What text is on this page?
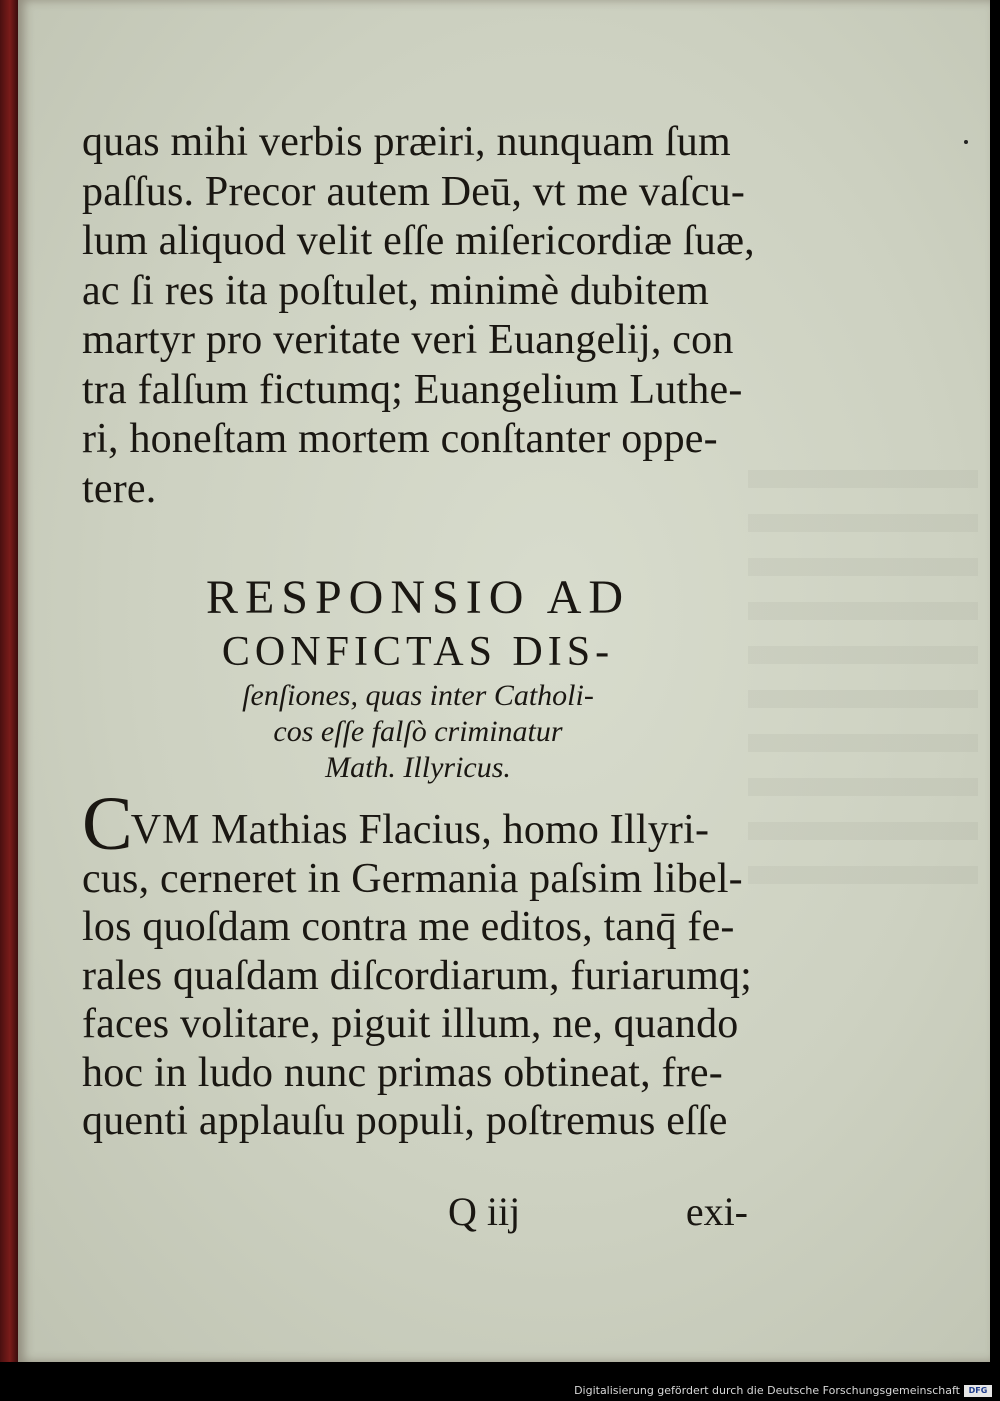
quas mihi verbis præiri, nunquam ſum
paſſus. Precor autem Deū, vt me vaſcu-
lum aliquod velit eſſe miſericordiæ ſuæ,
ac ſi res ita poſtulet, minimè dubitem
martyr pro veritate veri Euangelij, con
tra falſum fictumq; Euangelium Luthe-
ri, honeſtam mortem conſtanter oppe-
tere.
RESPONSIO AD
CONFICTAS DIS-
ſenſiones, quas inter Catholi-
cos eſſe falſò criminatur
Math. Illyricus.
CVM Mathias Flacius, homo Illyri-
cus, cerneret in Germania paſsim libel-
los quoſdam contra me editos, tanq̄ fe-
rales quaſdam diſcordiarum, furiarumq;
faces volitare, piguit illum, ne, quando
hoc in ludo nunc primas obtineat, fre-
quenti applauſu populi, poſtremus eſſe
Q iij	exi-
Digitalisierung gefördert durch die Deutsche Forschungsgemeinschaft	DFG
